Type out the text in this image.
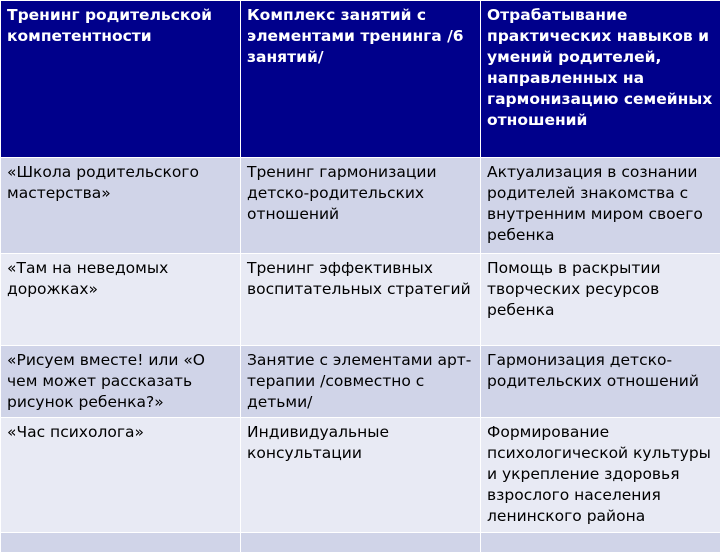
Тренинг родительской компетентности	Комплекс занятий с элементами тренинга /6 занятий/	Отрабатывание практических навыков и умений родителей, направленных на гармонизацию семейных отношений
«Школа родительского мастерства»	Тренинг гармонизации детско-родительских отношений	Актуализация в сознании родителей знакомства с внутренним миром своего ребенка
«Там на неведомых дорожках»	Тренинг эффективных воспитательных стратегий	Помощь в раскрытии творческих ресурсов ребенка
«Рисуем вместе! или «О чем может рассказать рисунок ребенка?»	Занятие с элементами арт-терапии /совместно с детьми/	Гармонизация детско-родительских отношений
«Час психолога»	Индивидуальные консультации	Формирование психологической культуры и укрепление здоровья взрослого населения ленинского района
